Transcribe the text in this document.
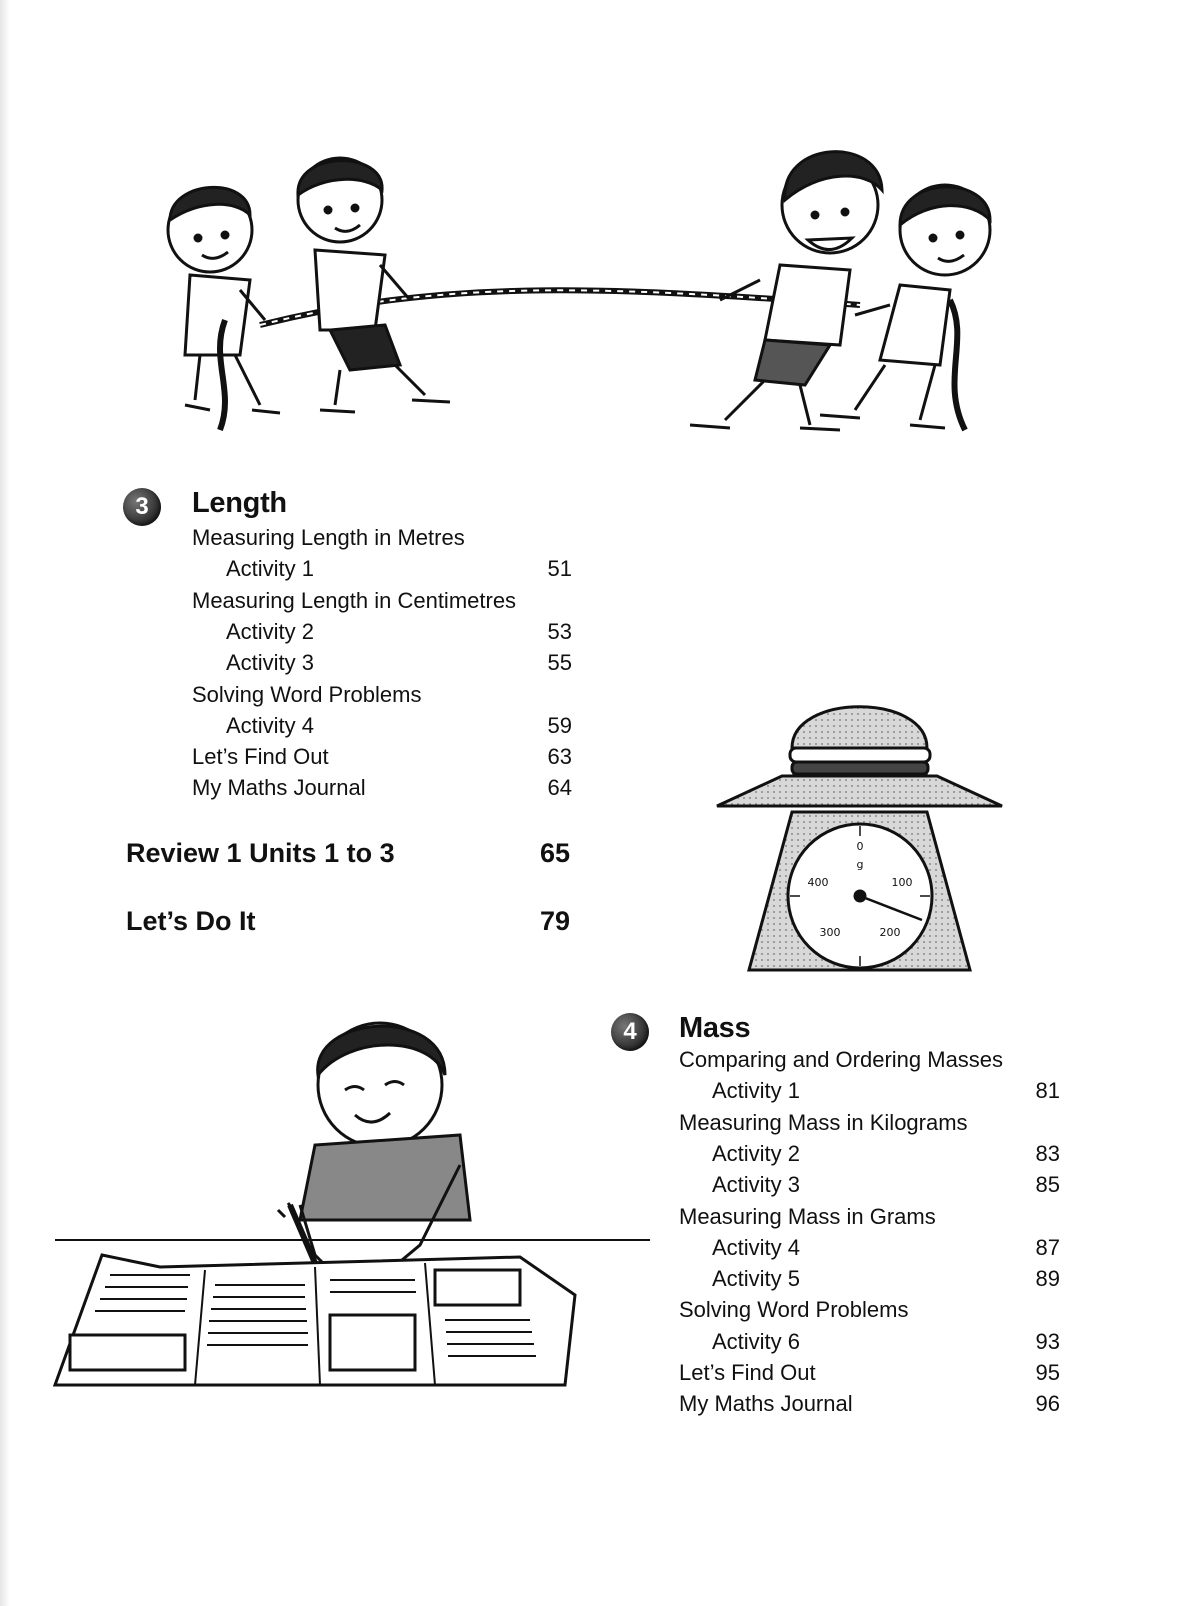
3	Length
Measuring Length in Metres
Activity 1	51
Measuring Length in Centimetres
Activity 2	53
Activity 3	55
Solving Word Problems
Activity 4	59
Let’s Find Out	63
My Maths Journal	64
Review 1 Units 1 to 3	65
Let’s Do It	79
0
g
100
200
300
400
4	Mass
Comparing and Ordering Masses
Activity 1	81
Measuring Mass in Kilograms
Activity 2	83
Activity 3	85
Measuring Mass in Grams
Activity 4	87
Activity 5	89
Solving Word Problems
Activity 6	93
Let’s Find Out	95
My Maths Journal	96
